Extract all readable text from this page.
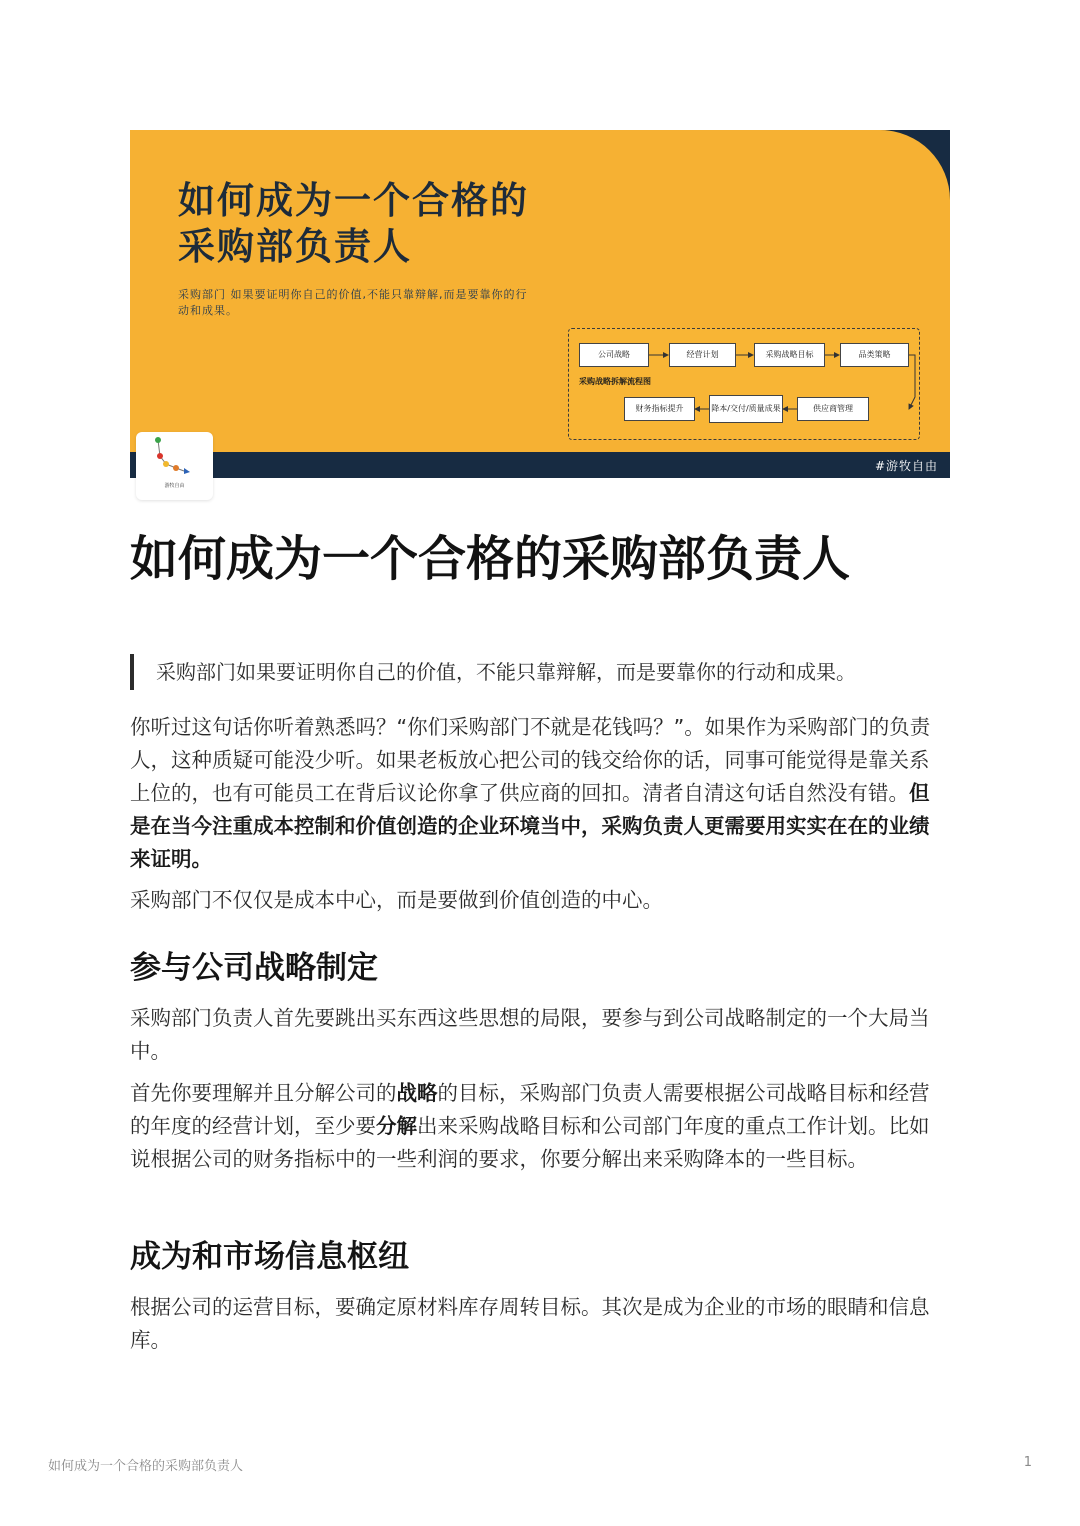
如何成为一个合格的
采购部负责人
采购部门 如果要证明你自己的价值,不能只靠辩解,而是要靠你的行动和成果。
公司战略	经营计划	采购战略目标	品类策略
采购战略拆解流程图
财务指标提升	降本/交付/质量成果	供应商管理
#游牧自由
游牧自由
如何成为一个合格的采购部负责人
采购部门如果要证明你自己的价值，不能只靠辩解，而是要靠你的行动和成果。

你听过这句话你听着熟悉吗？“你们采购部门不就是花钱吗？”。如果作为采购部门的负责人，这种质疑可能没少听。如果老板放心把公司的钱交给你的话，同事可能觉得是靠关系上位的，也有可能员工在背后议论你拿了供应商的回扣。清者自清这句话自然没有错。但是在当今注重成本控制和价值创造的企业环境当中，采购负责人更需要用实实在在的业绩来证明。

采购部门不仅仅是成本中心，而是要做到价值创造的中心。

参与公司战略制定

采购部门负责人首先要跳出买东西这些思想的局限，要参与到公司战略制定的一个大局当中。

首先你要理解并且分解公司的战略的目标，采购部门负责人需要根据公司战略目标和经营的年度的经营计划，至少要分解出来采购战略目标和公司部门年度的重点工作计划。比如说根据公司的财务指标中的一些利润的要求，你要分解出来采购降本的一些目标。

成为和市场信息枢纽

根据公司的运营目标，要确定原材料库存周转目标。其次是成为企业的市场的眼睛和信息库。

如何成为一个合格的采购部负责人	1
